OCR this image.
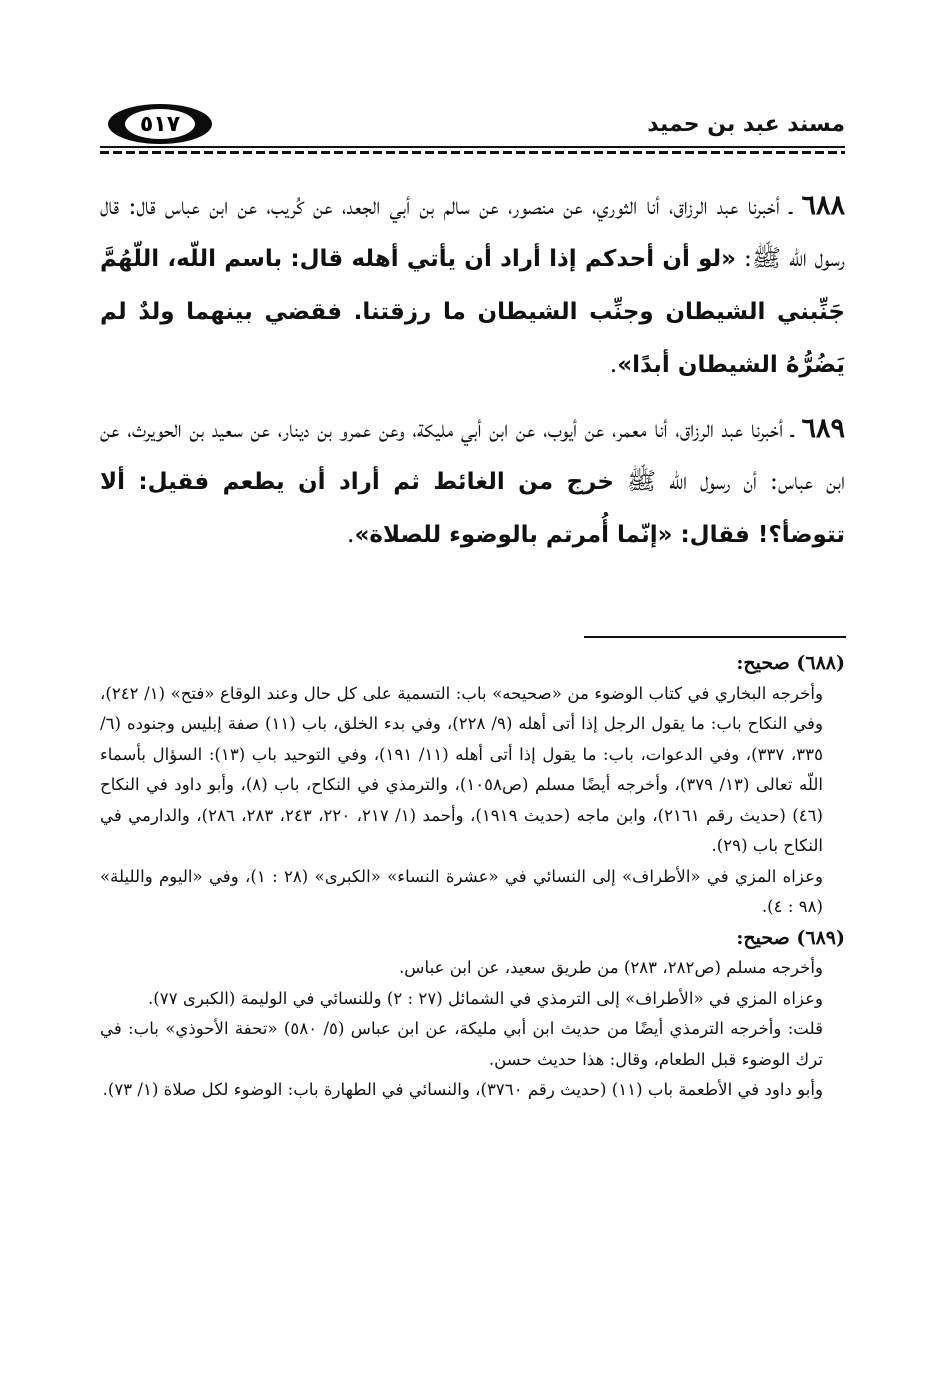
٥١٧	مسند عبد بن حميد

٦٨٨ ـ أخبرنا عبد الرزاق، أنا الثوري، عن منصور، عن سالم بن أبي الجعد، عن كُريب، عن ابن عباس قال: قال رسول اللّه ﷺ: «لو أن أحدكم إذا أراد أن يأتي أهله قال: باسم اللّه، اللّهُمَّ جَنِّبني الشيطان وجنِّب الشيطان ما رزقتنا. فقضي بينهما ولدٌ لم يَضُرُّهُ الشيطان أبدًا».

٦٨٩ ـ أخبرنا عبد الرزاق، أنا معمر، عن أيوب، عن ابن أبي مليكة، وعن عمرو بن دينار، عن سعيد بن الحويرث، عن ابن عباس: أن رسول اللّه ﷺ خرج من الغائط ثم أراد أن يطعم فقيل: ألا تتوضأ؟! فقال: «إنّما أُمرتم بالوضوء للصلاة».

(٦٨٨) صحيح:

وأخرجه البخاري في كتاب الوضوء من «صحيحه» باب: التسمية على كل حال وعند الوقاع «فتح» (١/ ٢٤٢)، وفي النكاح باب: ما يقول الرجل إذا أتى أهله (٩/ ٢٢٨)، وفي بدء الخلق، باب (١١) صفة إبليس وجنوده (٦/ ٣٣٥، ٣٣٧)، وفي الدعوات، باب: ما يقول إذا أتى أهله (١١/ ١٩١)، وفي التوحيد باب (١٣): السؤال بأسماء اللّه تعالى (١٣/ ٣٧٩)، وأخرجه أيضًا مسلم (ص١٠٥٨)، والترمذي في النكاح، باب (٨)، وأبو داود في النكاح (٤٦) (حديث رقم ٢١٦١)، وابن ماجه (حديث ١٩١٩)، وأحمد (١/ ٢١٧، ٢٢٠، ٢٤٣، ٢٨٣، ٢٨٦)، والدارمي في النكاح باب (٢٩).

وعزاه المزي في «الأطراف» إلى النسائي في «عشرة النساء» «الكبرى» (٢٨ : ١)، وفي «اليوم والليلة» (٩٨ : ٤).

(٦٨٩) صحيح:

وأخرجه مسلم (ص٢٨٢، ٢٨٣) من طريق سعيد، عن ابن عباس.

وعزاه المزي في «الأطراف» إلى الترمذي في الشمائل (٢٧ : ٢) وللنسائي في الوليمة (الكبرى ٧٧).

قلت: وأخرجه الترمذي أيضًا من حديث ابن أبي مليكة، عن ابن عباس (٥/ ٥٨٠) «تحفة الأحوذي» باب: في ترك الوضوء قبل الطعام، وقال: هذا حديث حسن.

وأبو داود في الأطعمة باب (١١) (حديث رقم ٣٧٦٠)، والنسائي في الطهارة باب: الوضوء لكل صلاة (١/ ٧٣).
